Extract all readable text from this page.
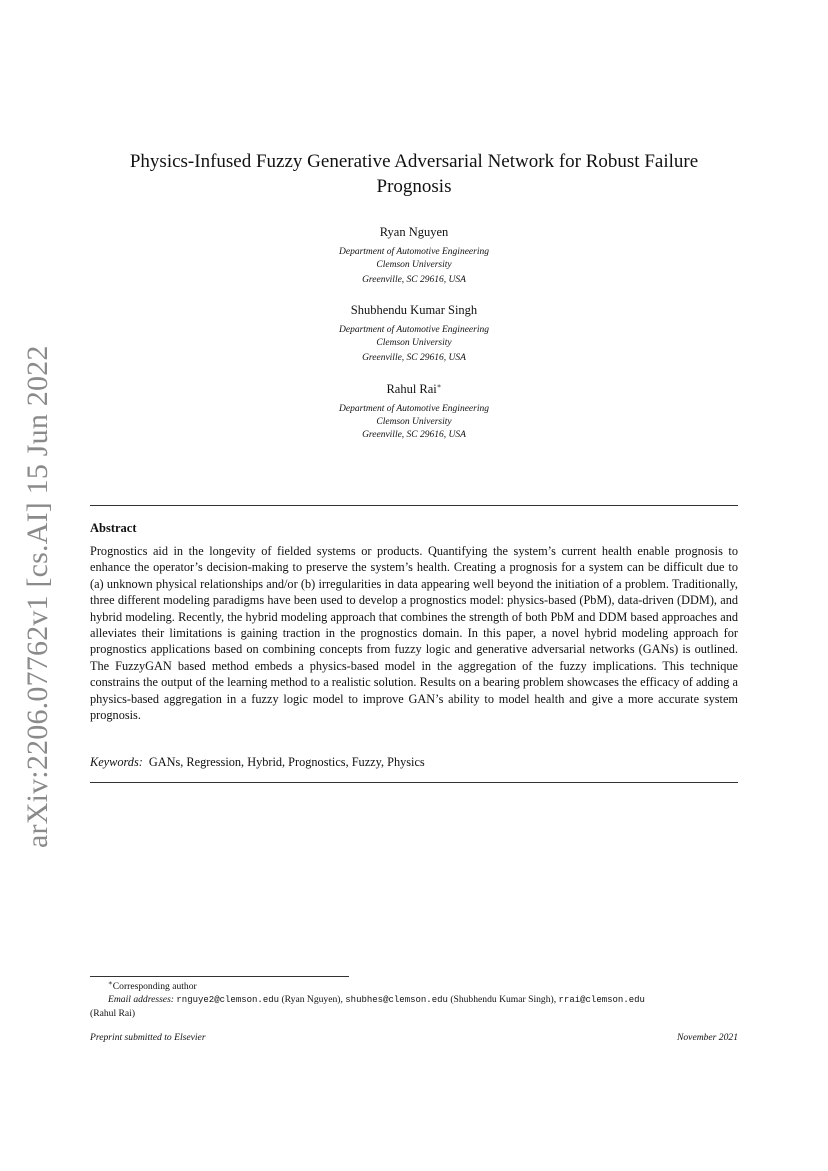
arXiv:2206.07762v1 [cs.AI] 15 Jun 2022
Physics-Infused Fuzzy Generative Adversarial Network for Robust Failure
Prognosis
Ryan Nguyen
Department of Automotive Engineering
Clemson University
Greenville, SC 29616, USA
Shubhendu Kumar Singh
Department of Automotive Engineering
Clemson University
Greenville, SC 29616, USA
Rahul Rai∗
Department of Automotive Engineering
Clemson University
Greenville, SC 29616, USA
Abstract
Prognostics aid in the longevity of fielded systems or products. Quantifying the system’s current health enable prognosis to enhance the operator’s decision-making to preserve the system’s health. Creating a prognosis for a system can be difficult due to (a) unknown physical relationships and/or (b) irregularities in data appearing well beyond the initiation of a problem. Traditionally, three different modeling paradigms have been used to develop a prognostics model: physics-based (PbM), data-driven (DDM), and hybrid modeling. Recently, the hybrid modeling approach that combines the strength of both PbM and DDM based approaches and alleviates their limitations is gaining traction in the prognostics domain. In this paper, a novel hybrid modeling approach for prognostics applications based on combining concepts from fuzzy logic and generative adversarial networks (GANs) is outlined. The FuzzyGAN based method embeds a physics-based model in the aggregation of the fuzzy implications. This technique constrains the output of the learning method to a realistic solution. Results on a bearing problem showcases the efficacy of adding a physics-based aggregation in a fuzzy logic model to improve GAN’s ability to model health and give a more accurate system prognosis.
Keywords: GANs, Regression, Hybrid, Prognostics, Fuzzy, Physics
∗Corresponding author
Email addresses: rnguye2@clemson.edu (Ryan Nguyen), shubhes@clemson.edu (Shubhendu Kumar Singh), rrai@clemson.edu
(Rahul Rai)
Preprint submitted to Elsevier	November 2021
